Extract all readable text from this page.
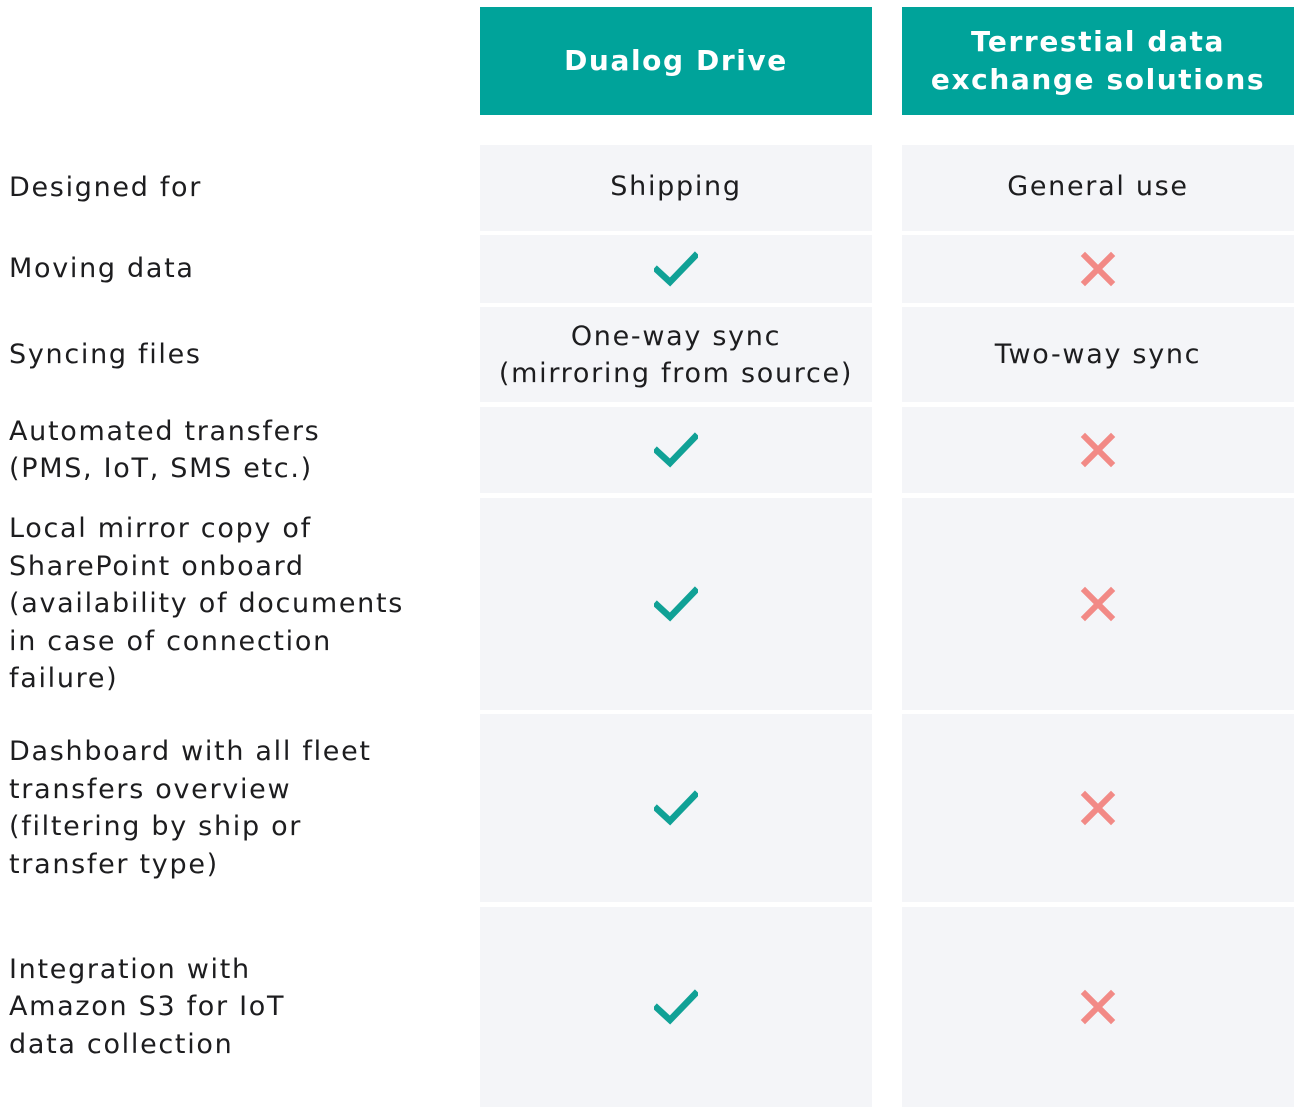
Dualog Drive
Terrestial data
exchange solutions
Designed for	Shipping	General use
Moving data
Syncing files
One-way sync
(mirroring from source)
Two-way sync
Automated transfers
(PMS, IoT, SMS etc.)
Local mirror copy of
SharePoint onboard
(availability of documents
in case of connection
failure)
Dashboard with all fleet
transfers overview
(filtering by ship or
transfer type)
Integration with
Amazon S3 for IoT
data collection
